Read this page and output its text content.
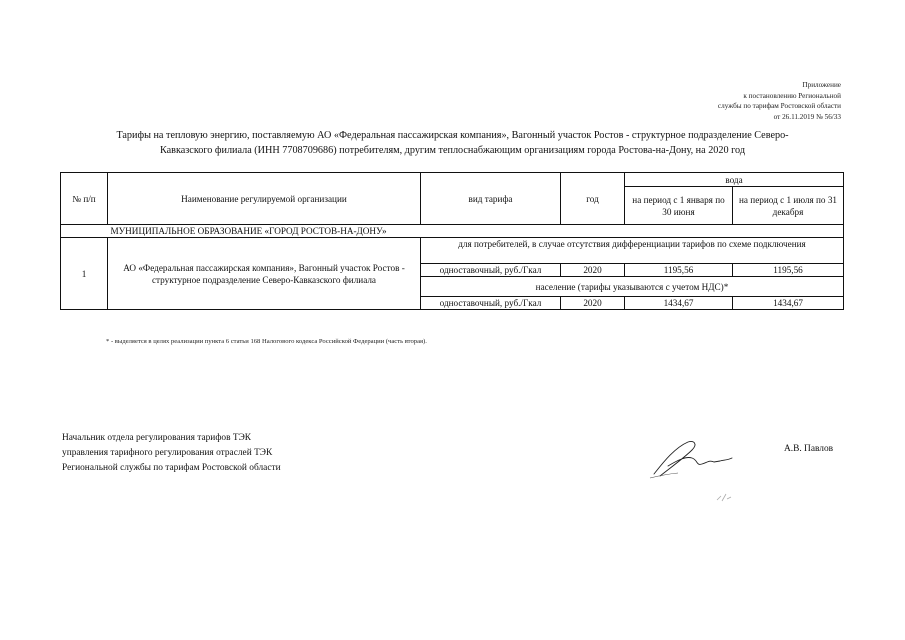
Приложение
к постановлению Региональной
службы по тарифам Ростовской области
от 26.11.2019 № 56/33
Тарифы на тепловую энергию, поставляемую АО «Федеральная пассажирская компания», Вагонный участок Ростов - структурное подразделение Северо-
Кавказского филиала (ИНН 7708709686) потребителям, другим теплоснабжающим организациям города Ростова-на-Дону, на 2020 год
№ п/п	Наименование регулируемой организации	вид тарифа	год	вода	
				на период с 1 января по 30 июня	на период с 1 июля по 31 декабря
	МУНИЦИПАЛЬНОЕ ОБРАЗОВАНИЕ «ГОРОД РОСТОВ-НА-ДОНУ»				
1	АО «Федеральная пассажирская компания», Вагонный участок Ростов - структурное подразделение Северо-Кавказского филиала	для потребителей, в случае отсутствия дифференциации тарифов по схеме подключения			
		одноставочный, руб./Гкал	2020	1195,56	1195,56
		население (тарифы указываются с учетом НДС)*			
		одноставочный, руб./Гкал	2020	1434,67	1434,67
* - выделяется в целях реализации пункта 6 статьи 168 Налогового кодекса Российской Федерации (часть вторая).
Начальник отдела регулирования тарифов ТЭК
управления тарифного регулирования отраслей ТЭК
Региональной службы по тарифам Ростовской области
А.В. Павлов
